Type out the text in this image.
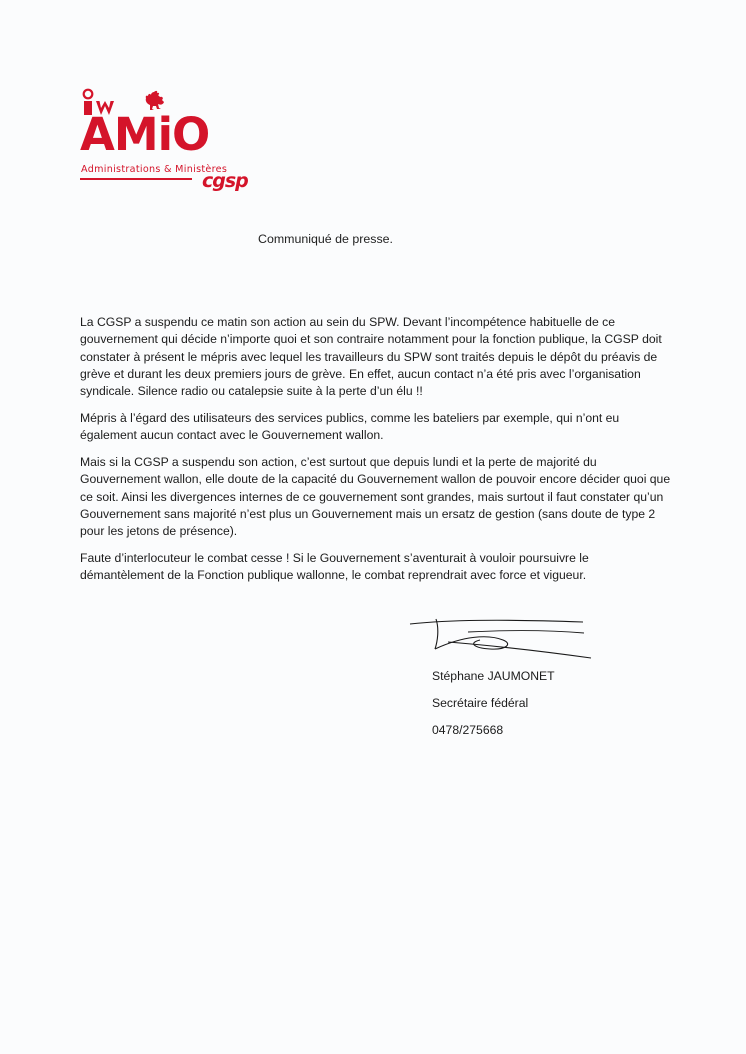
AMiO
Administrations & Ministères
cgsp
Communiqué de presse.

La CGSP a suspendu ce matin son action au sein du SPW. Devant l’incompétence habituelle de ce gouvernement qui décide n’importe quoi et son contraire notamment pour la fonction publique, la CGSP doit constater à présent le mépris avec lequel les travailleurs du SPW sont traités depuis le dépôt du préavis de grève et durant les deux premiers jours de grève. En effet, aucun contact n’a été pris avec l’organisation syndicale. Silence radio ou catalepsie suite à la perte d’un élu !!

Mépris à l’égard des utilisateurs des services publics, comme les bateliers par exemple, qui n’ont eu également aucun contact avec le Gouvernement wallon.

Mais si la CGSP a suspendu son action, c’est surtout que depuis lundi et la perte de majorité du Gouvernement wallon, elle doute de la capacité du Gouvernement wallon de pouvoir encore décider quoi que ce soit. Ainsi les divergences internes de ce gouvernement sont grandes, mais surtout il faut constater qu’un Gouvernement sans majorité n’est plus un Gouvernement mais un ersatz de gestion (sans doute de type 2 pour les jetons de présence).

Faute d’interlocuteur le combat cesse ! Si le Gouvernement s’aventurait à vouloir poursuivre le démantèlement de la Fonction publique wallonne, le combat reprendrait avec force et vigueur.

Stéphane JAUMONET
Secrétaire fédéral
0478/275668
